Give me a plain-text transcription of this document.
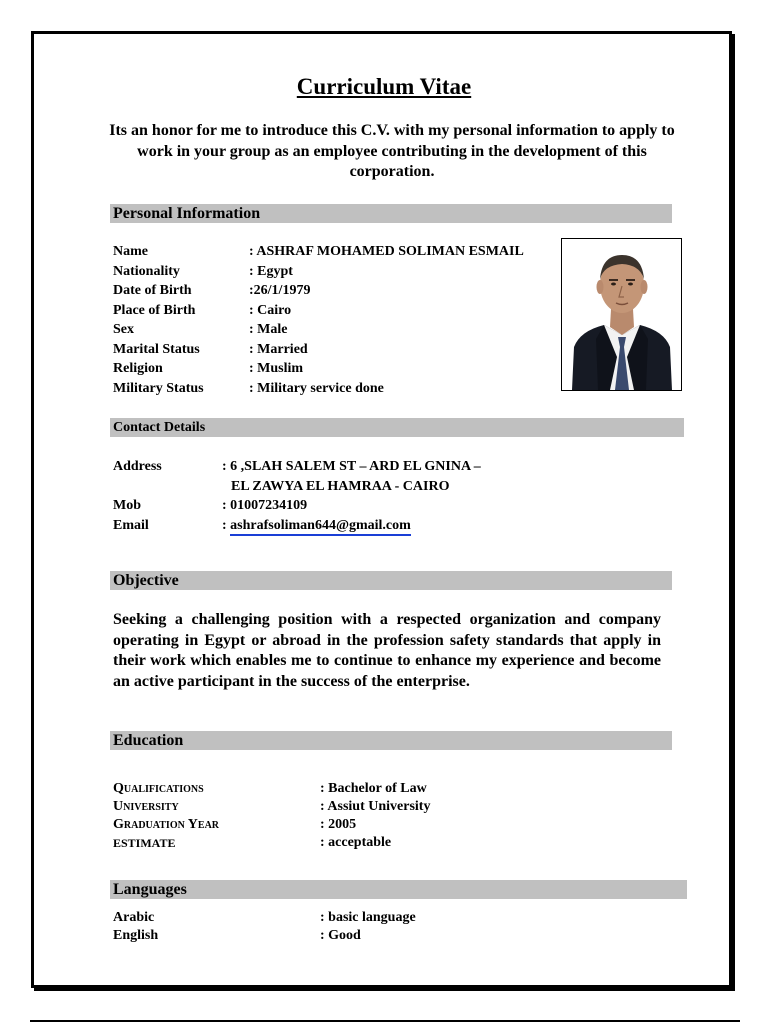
Curriculum Vitae
Its an honor for me to introduce this C.V. with my personal information to apply to work in your group as an employee contributing in the development of this corporation.
Personal Information
Name	: ASHRAF MOHAMED SOLIMAN ESMAIL
Nationality	: Egypt
Date of Birth	:26/1/1979
Place of Birth	: Cairo
Sex	: Male
Marital Status	: Married
Religion	: Muslim
Military Status	: Military service done
Contact Details
Address	: 6 ,SLAH SALEM ST – ARD EL GNINA –
EL ZAWYA EL HAMRAA - CAIRO
Mob	: 01007234109
Email	: ashrafsoliman644@gmail.com
Objective
Seeking a challenging position with a respected organization and company operating in Egypt or abroad in the profession safety standards that apply in their work which enables me to continue to enhance my experience and become an active participant in the success of the enterprise.
Education
Qualifications	: Bachelor of Law
University	: Assiut University
Graduation Year	: 2005
ESTIMATE	: acceptable
Languages
Arabic	: basic language
English	: Good
